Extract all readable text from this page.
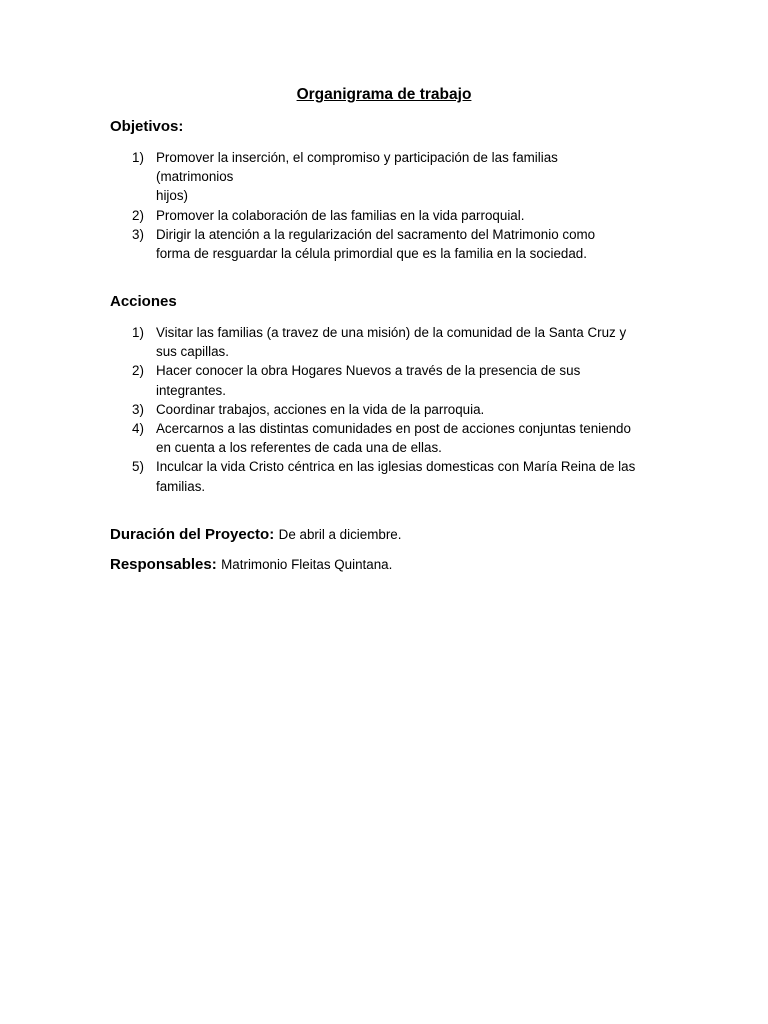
Organigrama de trabajo
Objetivos:
1) Promover la inserción, el compromiso y participación de las familias
(matrimonios
hijos)
2) Promover la colaboración de las familias en la vida parroquial.
3) Dirigir la atención a la regularización del sacramento del Matrimonio como
forma de resguardar la célula primordial que es la familia en la sociedad.
Acciones
1) Visitar las familias (a travez de una misión) de la comunidad de la Santa Cruz y
sus capillas.
2) Hacer conocer la obra Hogares Nuevos a través de la presencia de sus
integrantes.
3) Coordinar trabajos, acciones en la vida de la parroquia.
4) Acercarnos a las distintas comunidades en post de acciones conjuntas teniendo
en cuenta a los referentes de cada una de ellas.
5) Inculcar la vida Cristo céntrica en las iglesias domesticas con María Reina de las
familias.
Duración del Proyecto: De abril a diciembre.
Responsables: Matrimonio Fleitas Quintana.
